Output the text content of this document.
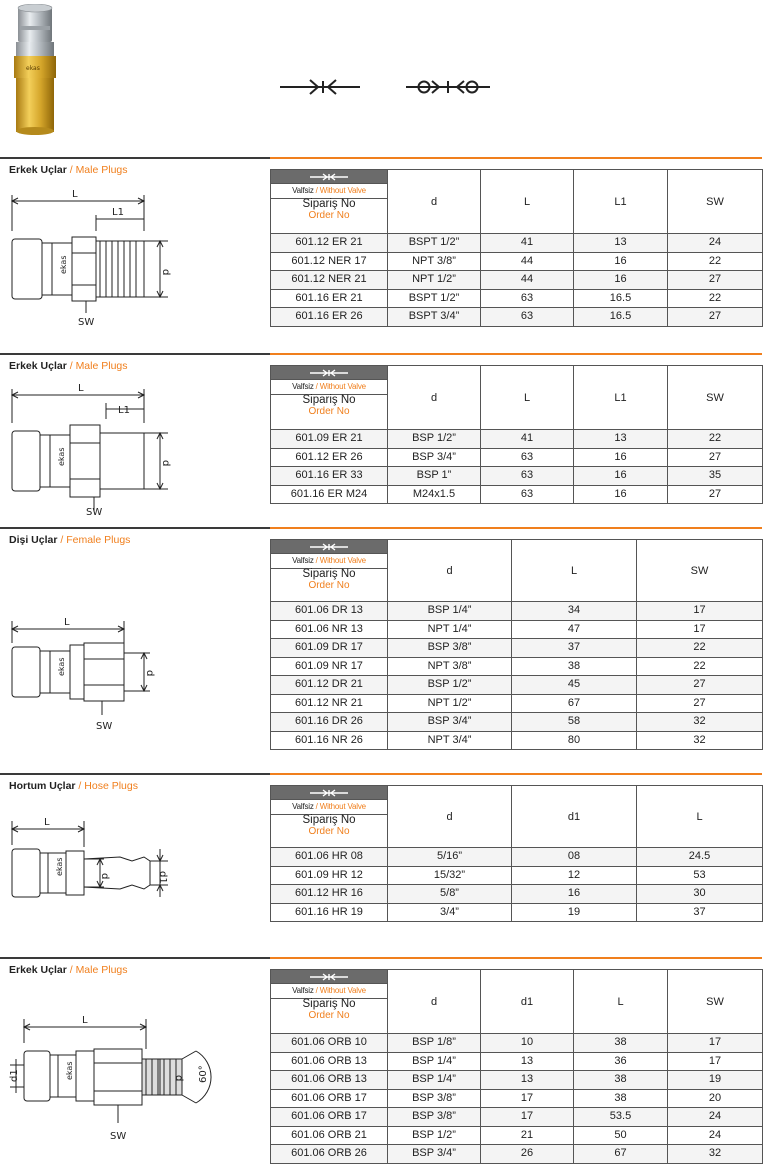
ekas
Erkek Uçlar / Male Plugs
L
L1
ekas	d
SW
Valfsiz / Without Valve
Sipariş No
Order No	d	L	L1	SW
601.12 ER 21	BSPT 1/2”	41	13	24
601.12 NER 17	NPT 3/8”	44	16	22
601.12 NER 21	NPT 1/2”	44	16	27
601.16 ER 21	BSPT 1/2”	63	16.5	22
601.16 ER 26	BSPT 3/4”	63	16.5	27
Erkek Uçlar / Male Plugs
L
L1
ekas	d
SW
Valfsiz / Without Valve
Sipariş No
Order No	d	L	L1	SW
601.09 ER 21	BSP 1/2”	41	13	22
601.12 ER 26	BSP 3/4”	63	16	27
601.16 ER 33	BSP 1”	63	16	35
601.16 ER M24	M24x1.5	63	16	27
Dişi Uçlar / Female Plugs
L
ekas	d
SW
Valfsiz / Without Valve
Sipariş No
Order No	d	L	SW
601.06 DR 13	BSP 1/4”	34	17
601.06 NR 13	NPT 1/4”	47	17
601.09 DR 17	BSP 3/8”	37	22
601.09 NR 17	NPT 3/8”	38	22
601.12 DR 21	BSP 1/2”	45	27
601.12 NR 21	NPT 1/2”	67	27
601.16 DR 26	BSP 3/4”	58	32
601.16 NR 26	NPT 3/4”	80	32
Hortum Uçlar / Hose Plugs
L
ekas
d	d1
Valfsiz / Without Valve
Sipariş No
Order No	d	d1	L
601.06 HR 08	5/16”	08	24.5
601.09 HR 12	15/32”	12	53
601.12 HR 16	5/8”	16	30
601.16 HR 19	3/4”	19	37
Erkek Uçlar / Male Plugs
L
ekas	60°
d
d1
SW
Valfsiz / Without Valve
Sipariş No
Order No	d	d1	L	SW
601.06 ORB 10	BSP 1/8”	10	38	17
601.06 ORB 13	BSP 1/4”	13	36	17
601.06 ORB 13	BSP 1/4”	13	38	19
601.06 ORB 17	BSP 3/8”	17	38	20
601.06 ORB 17	BSP 3/8”	17	53.5	24
601.06 ORB 21	BSP 1/2”	21	50	24
601.06 ORB 26	BSP 3/4”	26	67	32
